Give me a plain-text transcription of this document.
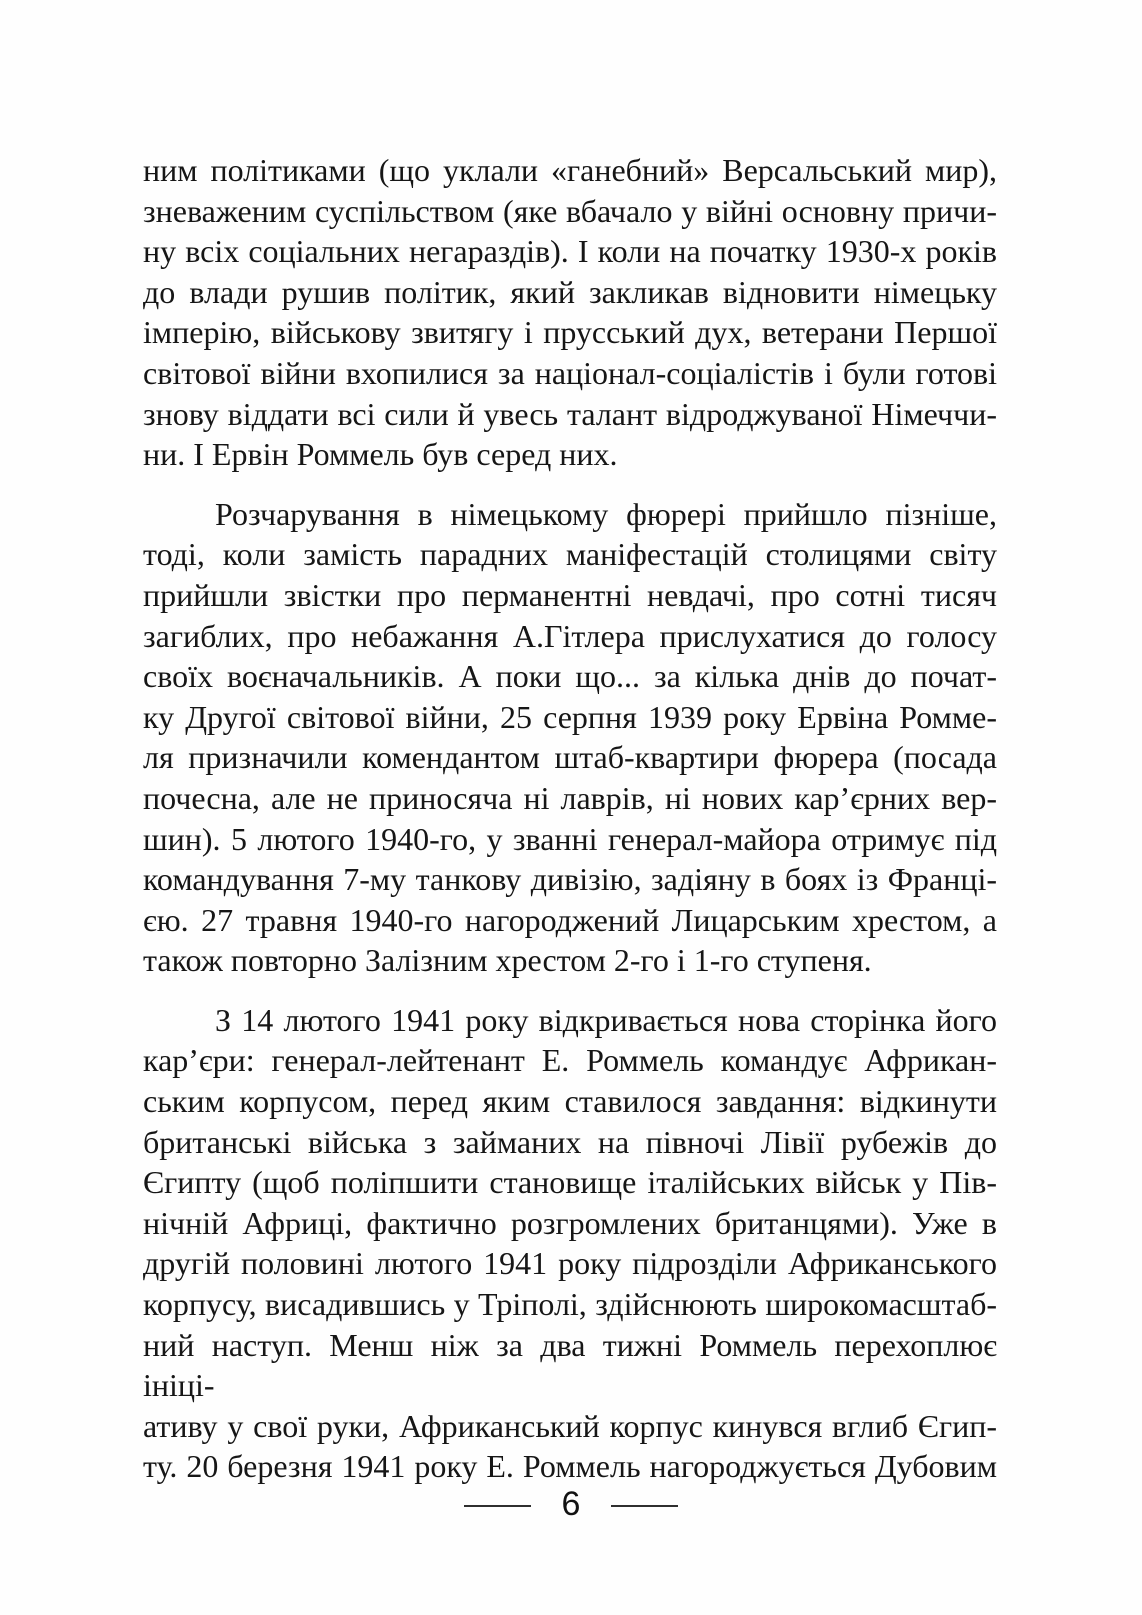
ним політиками (що уклали «ганебний» Версальський мир),
зневаженим суспільством (яке вбачало у війні основну причи-
ну всіх соціальних негараздів). І коли на початку 1930-х років
до влади рушив політик, який закликав відновити німецьку
імперію, військову звитягу і прусський дух, ветерани Першої
світової війни вхопилися за націонал-соціалістів і були готові
знову віддати всі сили й увесь талант відроджуваної Німеччи-
ни. І Ервін Роммель був серед них.
Розчарування в німецькому фюрері прийшло пізніше,
тоді, коли замість парадних маніфестацій столицями світу
прийшли звістки про перманентні невдачі, про сотні тисяч
загиблих, про небажання А.Гітлера прислухатися до голосу
своїх воєначальників. А поки що... за кілька днів до почат-
ку Другої світової війни, 25 серпня 1939 року Ервіна Ромме-
ля призначили комендантом штаб-квартири фюрера (посада
почесна, але не приносяча ні лаврів, ні нових кар’єрних вер-
шин). 5 лютого 1940-го, у званні генерал-майора отримує під
командування 7-му танкову дивізію, задіяну в боях із Франці-
єю. 27 травня 1940-го нагороджений Лицарським хрестом, а
також повторно Залізним хрестом 2-го і 1-го ступеня.
З 14 лютого 1941 року відкривається нова сторінка його
кар’єри: генерал-лейтенант Е. Роммель командує Африкан-
ським корпусом, перед яким ставилося завдання: відкинути
британські війська з займаних на півночі Лівії рубежів до
Єгипту (щоб поліпшити становище італійських військ у Пів-
нічній Африці, фактично розгромлених британцями). Уже в
другій половині лютого 1941 року підрозділи Африканського
корпусу, висадившись у Тріполі, здійснюють широкомасштаб-
ний наступ. Менш ніж за два тижні Роммель перехоплює ініці-
ативу у свої руки, Африканський корпус кинувся вглиб Єгип-
ту. 20 березня 1941 року Е. Роммель нагороджується Дубовим
6
